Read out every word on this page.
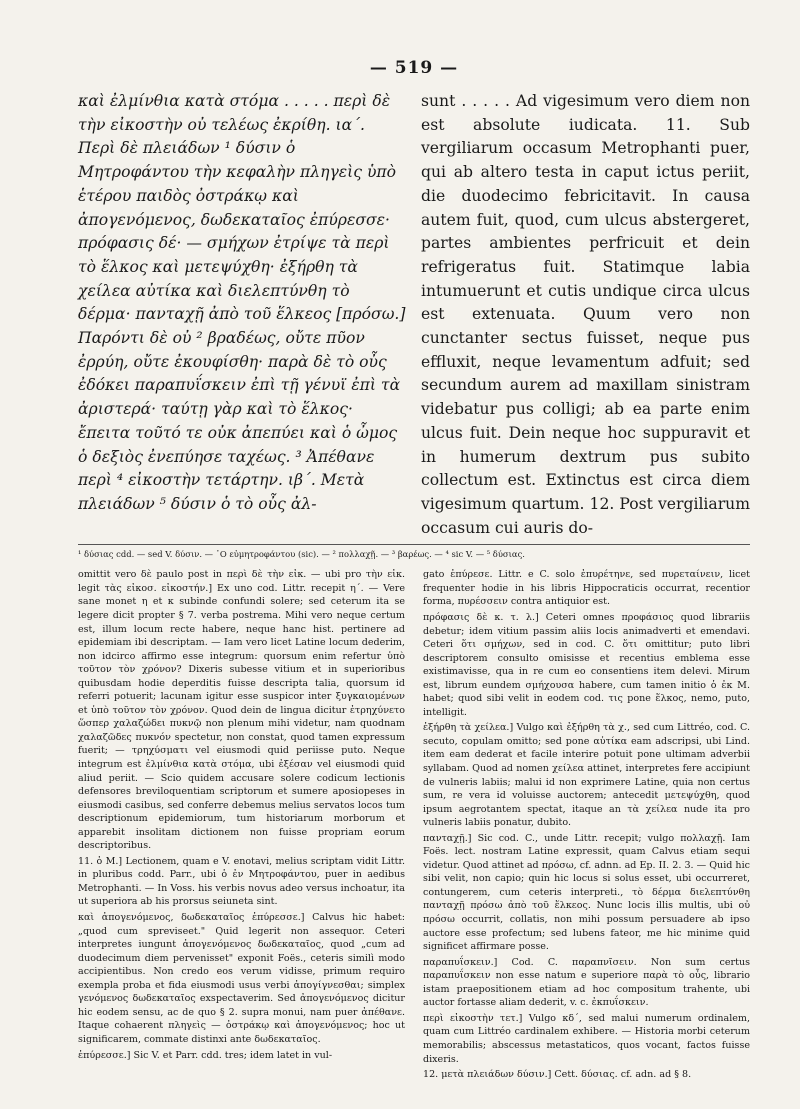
— 519 —

καὶ ἐλμίνθια κατὰ στόμα . . . . . περὶ δὲ τὴν εἰκοστὴν οὐ τελέως ἐκρίθη. ια΄. Περὶ δὲ πλειάδων ¹ δύσιν ὁ Μητροφάντου τὴν κεφαλὴν πληγεὶς ὑπὸ ἑτέρου παιδὸς ὀστράκῳ καὶ ἀπογενόμενος, δωδεκαταῖος ἐπύρεσσε· πρόφασις δέ· — σμήχων ἐτρίψε τὰ περὶ τὸ ἕλκος καὶ μετεψύχθη· ἐξήρθη τὰ χείλεα αὐτίκα καὶ διελεπτύνθη τὸ δέρμα· πανταχῇ ἀπὸ τοῦ ἕλκεος [πρόσω.] Παρόντι δὲ οὐ ² βραδέως, οὔτε πῦον ἐρρύη, οὔτε ἐκουφίσθη· παρὰ δὲ τὸ οὖς ἐδόκει παραπυΐσκειν ἐπὶ τῇ γένυϊ ἐπὶ τὰ ἀριστερά· ταύτῃ γὰρ καὶ τὸ ἕλκος· ἔπειτα τοῦτό τε οὐκ ἀπεπύει καὶ ὁ ὦμος ὁ δεξιὸς ἐνεπύησε ταχέως. ³ Ἀπέθανε περὶ ⁴ εἰκοστὴν τετάρτην. ιβ΄. Μετὰ πλειάδων ⁵ δύσιν ὁ τὸ οὖς ἀλ-

sunt . . . . . Ad vigesimum vero diem non est absolute iudicata. 11. Sub vergiliarum occasum Metrophanti puer, qui ab altero testa in caput ictus periit, die duodecimo febricitavit. In causa autem fuit, quod, cum ulcus abstergeret, partes ambientes perfricuit et dein refrigeratus fuit. Statimque labia intumuerunt et cutis undique circa ulcus est extenuata. Quum vero non cunctanter sectus fuisset, neque pus effluxit, neque levamentum adfuit; sed secundum aurem ad maxillam sinistram videbatur pus colligi; ab ea parte enim ulcus fuit. Dein neque hoc suppuravit et in humerum dextrum pus subito collectum est. Extinctus est circa diem vigesimum quartum. 12. Post vergiliarum occasum cui auris do-

¹ δύσιας cdd. — sed V. δύσιν. — ᾿Ο εὐμητροφάντου (sic). — ² πολλαχῇ. — ³ βαρέως. — ⁴ sic V. — ⁵ δύσιας.

omittit vero δὲ paulo post in περὶ δὲ τὴν εἰκ. — ubi pro τὴν εἰκ. legit τὰς εἰκοσ. εἰκοστήν.] Ex uno cod. Littr. recepit η΄. — Vere sane monet η et κ subinde confundi solere; sed ceterum ita se legere dicit propter § 7. verba postrema. Mihi vero neque certum est, illum locum recte habere, neque hanc hist. pertinere ad epidemiam ibi descriptam. — Iam vero licet Latine locum dederim, non idcirco affirmo esse integrum: quorsum enim refertur ὑπὸ τοῦτον τὸν χρόνον? Dixeris subesse vitium et in superioribus quibusdam hodie deperditis fuisse descripta talia, quorsum id referri potuerit; lacunam igitur esse suspicor inter ξυγκαιομένων et ὑπὸ τοῦτον τὸν χρόνον. Quod dein de lingua dicitur ἐτρηχύνετο ὥσπερ χαλαζώδει πυκνῷ non plenum mihi videtur, nam quodnam χαλαζῶδες πυκνόν spectetur, non constat, quod tamen expressum fuerit; — τρηχύσματι vel eiusmodi quid periisse puto. Neque integrum est ἐλμίνθια κατὰ στόμα, ubi ἐξέσαν vel eiusmodi quid aliud periit. — Scio quidem accusare solere codicum lectionis defensores breviloquentiam scriptorum et sumere aposiopeses in eiusmodi casibus, sed conferre debemus melius servatos locos tum descriptionum epidemiorum, tum historiarum morborum et apparebit insolitam dictionem non fuisse propriam eorum descriptoribus.

11. ὁ M.] Lectionem, quam e V. enotavi, melius scriptam vidit Littr. in pluribus codd. Parr., ubi ὁ ἐν Μητροφάντου, puer in aedibus Metrophanti. — In Voss. his verbis novus adeo versus inchoatur, ita ut superiora ab his prorsus seiuneta sint.

καὶ ἀπογενόμενος, δωδεκαταῖος ἐπύρεσσε.] Calvus hic habet: „quod cum spreviseet." Quid legerit non assequor. Ceteri interpretes iungunt ἀπογενόμενος δωδεκαταῖος, quod „cum ad duodecimum diem pervenisset" exponit Foës., ceteris similì modo accipientibus. Non credo eos verum vidisse, primum requiro exempla proba et fida eiusmodi usus verbi ἀπογίγνεσθαι; simplex γενόμενος δωδεκαταῖος exspectaverim. Sed ἀπογενόμενος dicitur hic eodem sensu, ac de quo § 2. supra monui, nam puer ἀπέθανε. Itaque cohaerent πληγεὶς — ὀστράκῳ καὶ ἀπογενόμενος; hoc ut significarem, commate distinxi ante δωδεκαταῖος.

ἐπύρεσσε.] Sic V. et Parr. cdd. tres; idem latet in vul-

gato ἐπύρεσε. Littr. e C. solo ἐπυρέτηνε, sed πυρεταίνειν, licet frequenter hodie in his libris Hippocraticis occurrat, recentior forma, πυρέσσειν contra antiquior est.

πρόφασις δὲ κ. τ. λ.] Ceteri omnes προφάσιος quod librariis debetur; idem vitium passim aliis locis animadverti et emendavi. Ceteri ὅτι σμήχων, sed in cod. C. ὅτι omittitur; puto libri descriptorem consulto omisisse et recentius emblema esse existimavisse, qua in re cum eo consentiens item delevi. Mirum est, librum eundem σμήχουσα habere, cum tamen initio ὁ ἐκ M. habet; quod sibi velit in eodem cod. τις pone ἕλκος, nemo, puto, intelligit.

ἐξήρθη τὰ χείλεα.] Vulgo καὶ ἐξήρθη τὰ χ., sed cum Littréo, cod. C. secuto, copulam omitto; sed pone αὐτίκα eam adscripsi, ubi Lind. item eam dederat et facile interire potuit pone ultimam adverbii syllabam. Quod ad nomen χείλεα attinet, interpretes fere accipiunt de vulneris labiis; malui id non exprimere Latine, quia non certus sum, re vera id voluisse auctorem; antecedit μετεψύχθη, quod ipsum aegrotantem spectat, itaque an τὰ χείλεα nude ita pro vulneris labiis ponatur, dubito.

πανταχῇ.] Sic cod. C., unde Littr. recepit; vulgo πολλαχῇ. Iam Foës. lect. nostram Latine expressit, quam Calvus etiam sequi videtur. Quod attinet ad πρόσω, cf. adnn. ad Ep. II. 2. 3. — Quid hic sibi velit, non capio; quin hic locus si solus esset, ubi occurreret, contungerem, cum ceteris interpreti., τὸ δέρμα διελεπτύνθη πανταχῇ πρόσω ἀπὸ τοῦ ἕλκεος. Nunc locis illis multis, ubi οὐ πρόσω occurrit, collatis, non mihi possum persuadere ab ipso auctore esse profectum; sed lubens fateor, me hic minime quid significet affirmare posse.

παραπυΐσκειν.] Cod. C. παραπνῖσειν. Non sum certus παραπυΐσκειν non esse natum e superiore παρὰ τὸ οὖς, librario istam praepositionem etiam ad hoc compositum trahente, ubi auctor fortasse aliam dederit, v. c. ἐκπυΐσκειν.

περὶ εἰκοστὴν τετ.] Vulgo κδ΄, sed malui numerum ordinalem, quam cum Littréo cardinalem exhibere. — Historia morbi ceterum memorabilis; abscessus metastaticos, quos vocant, factos fuisse dixeris.

12. μετὰ πλειάδων δύσιν.] Cett. δύσιας. cf. adn. ad § 8.
